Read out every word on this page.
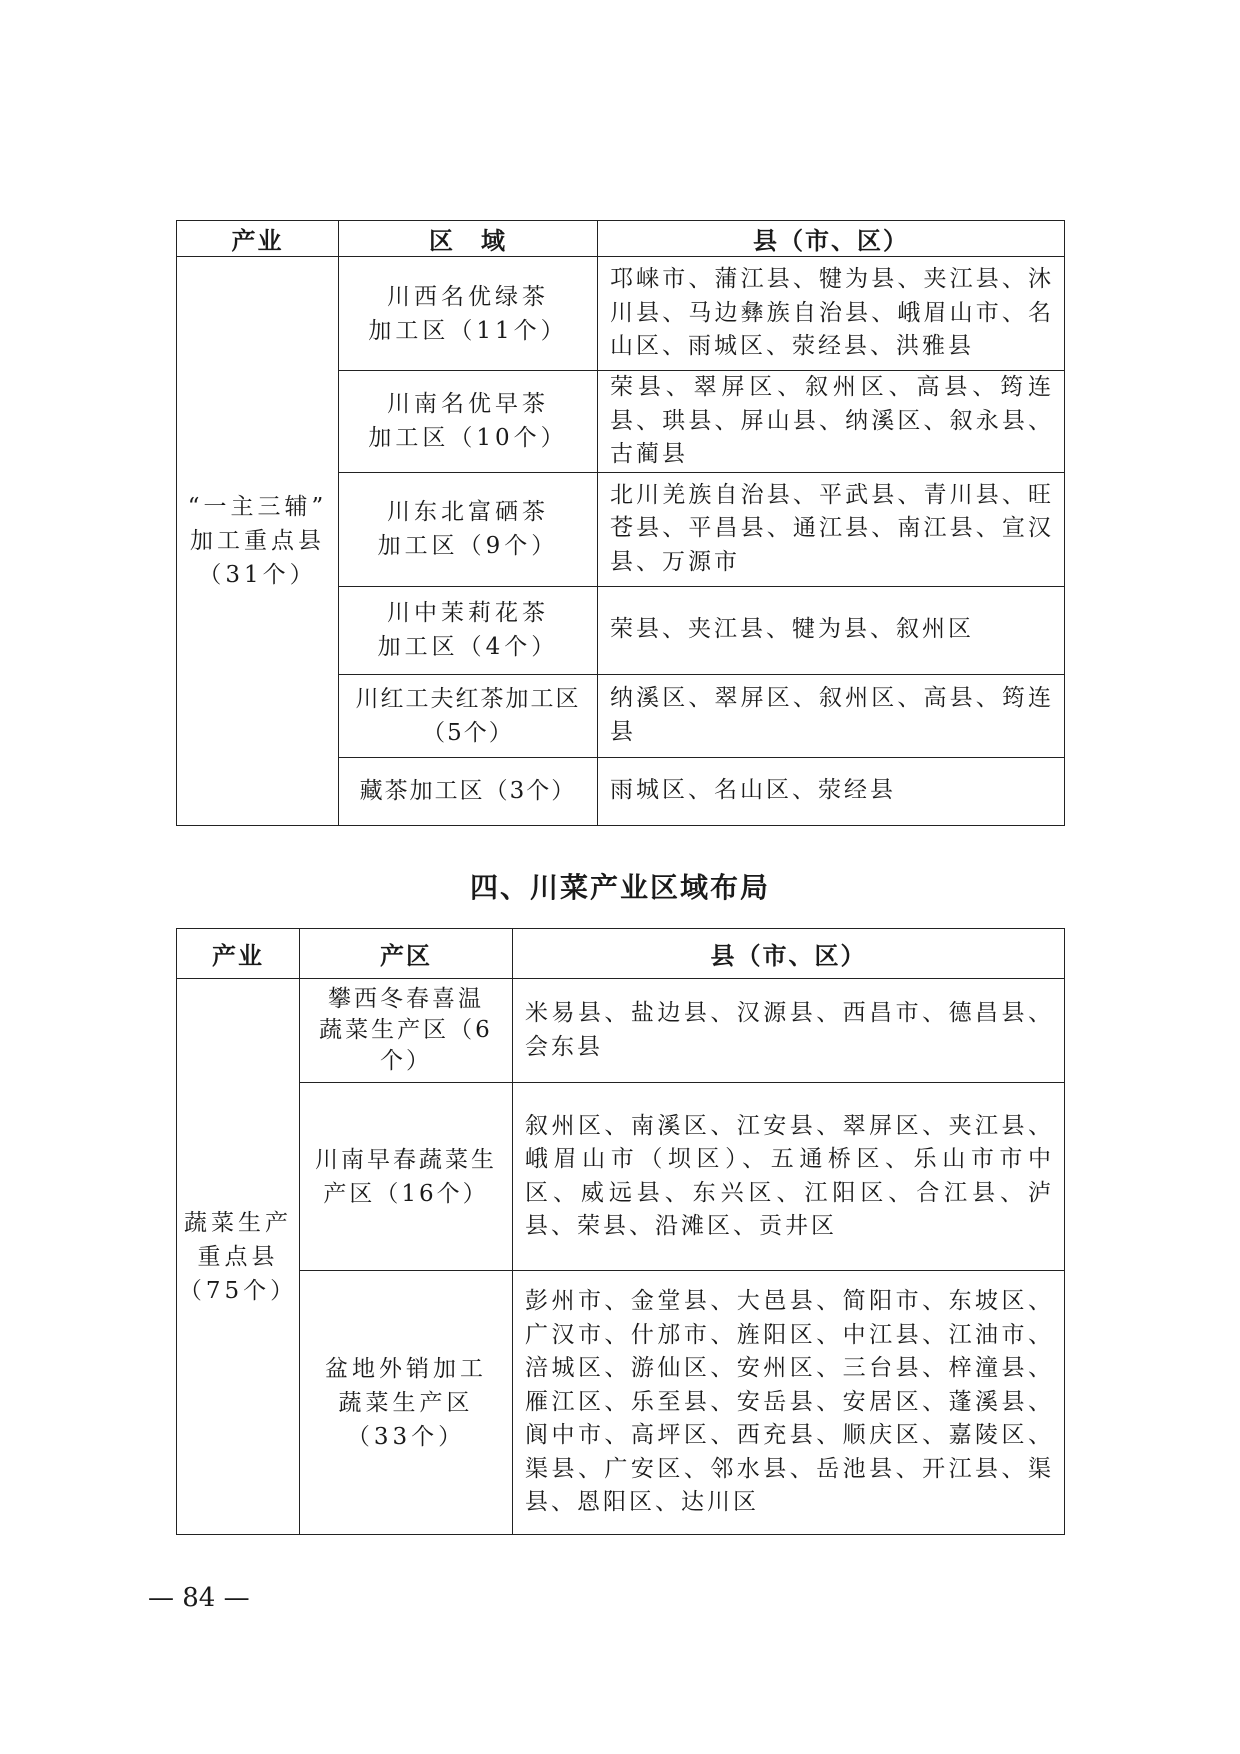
产业	区　域	县（市、区）

“一主三辅”
加工重点县
（31个）	川西名优绿茶
加工区（11个）	邛崃市、蒲江县、犍为县、夹江县、沐川县、马边彝族自治县、峨眉山市、名山区、雨城区、荥经县、洪雅县

	川南名优早茶
加工区（10个）	荣县、翠屏区、叙州区、高县、筠连县、珙县、屏山县、纳溪区、叙永县、古蔺县

	川东北富硒茶
加工区（9个）	北川羌族自治县、平武县、青川县、旺苍县、平昌县、通江县、南江县、宣汉县、万源市

	川中茉莉花茶
加工区（4个）	荣县、夹江县、犍为县、叙州区

	川红工夫红茶加工区
（5个）	纳溪区、翠屏区、叙州区、高县、筠连县

	藏茶加工区（3个）	雨城区、名山区、荥经县
四、川菜产业区域布局
产业	产区	县（市、区）

蔬菜生产
重点县
（75个）	攀西冬春喜温
蔬菜生产区（6
个）	米易县、盐边县、汉源县、西昌市、德昌县、会东县

	川南早春蔬菜生
产区（16个）	叙州区、南溪区、江安县、翠屏区、夹江县、峨眉山市（坝区）、五通桥区、乐山市市中区、威远县、东兴区、江阳区、合江县、泸县、荣县、沿滩区、贡井区

	盆地外销加工
蔬菜生产区
（33个）	彭州市、金堂县、大邑县、简阳市、东坡区、广汉市、什邡市、旌阳区、中江县、江油市、涪城区、游仙区、安州区、三台县、梓潼县、雁江区、乐至县、安岳县、安居区、蓬溪县、阆中市、高坪区、西充县、顺庆区、嘉陵区、渠县、广安区、邻水县、岳池县、开江县、渠县、恩阳区、达川区
— 84 —
